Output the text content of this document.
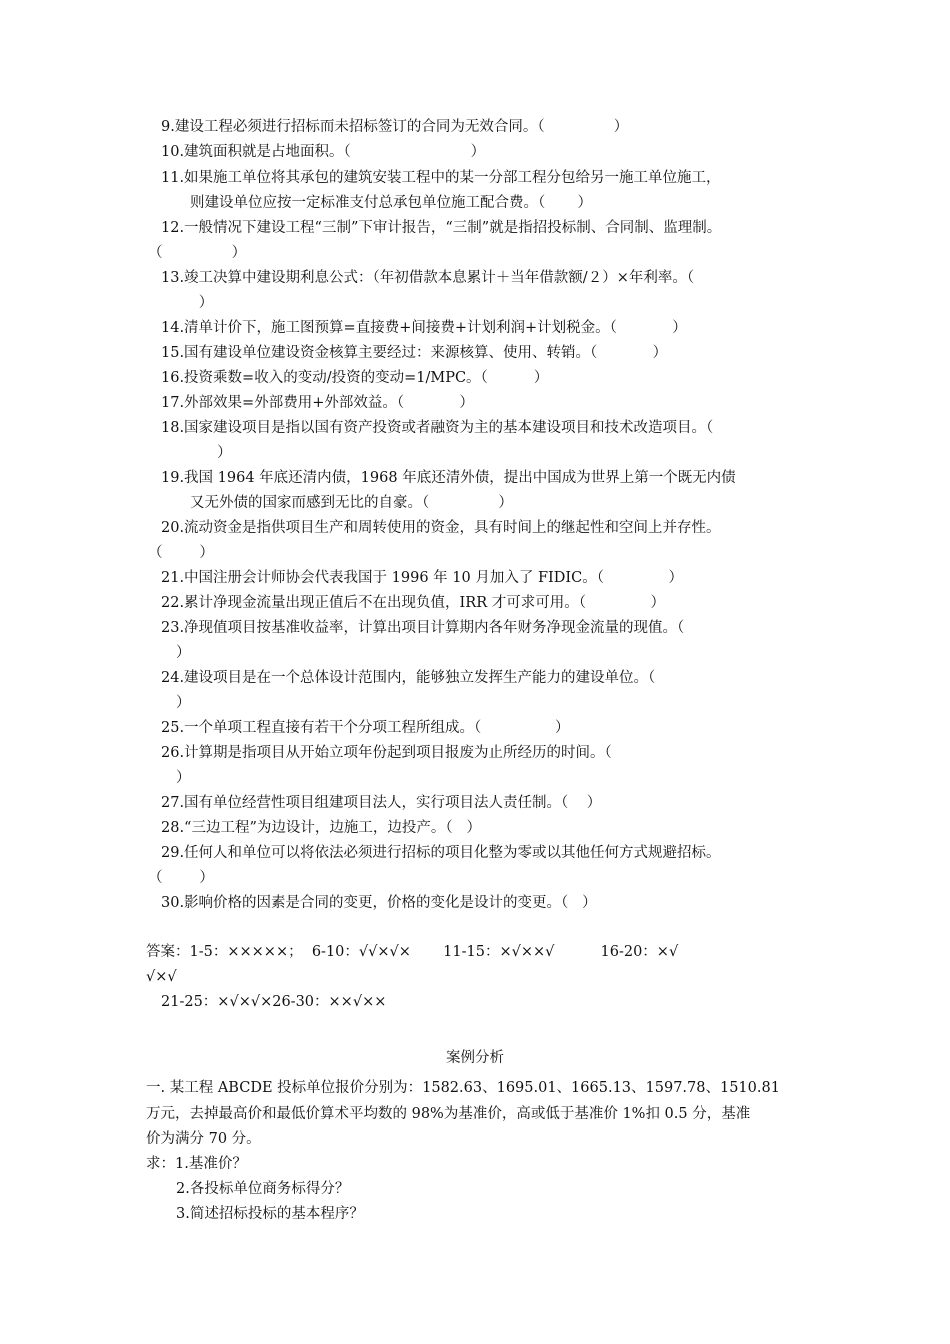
9.建设工程必须进行招标而未招标签订的合同为无效合同。（               ）
10.建筑面积就是占地面积。（                          ）
11.如果施工单位将其承包的建筑安装工程中的某一分部工程分包给另一施工单位施工，
则建设单位应按一定标准支付总承包单位施工配合费。（       ）
12.一般情况下建设工程“三制”下审计报告，“三制”就是指招投标制、合同制、监理制。
（               ）
13.竣工决算中建设期利息公式：（年初借款本息累计＋当年借款额/２）×年利率。（
）
14.清单计价下，施工图预算=直接费+间接费+计划利润+计划税金。（            ）
15.国有建设单位建设资金核算主要经过：来源核算、使用、转销。（            ）
16.投资乘数=收入的变动/投资的变动=1/MPC。（          ）
17.外部效果=外部费用+外部效益。（            ）
18.国家建设项目是指以国有资产投资或者融资为主的基本建设项目和技术改造项目。（
）
19.我国 1964 年底还清内债，1968 年底还清外债，提出中国成为世界上第一个既无内债
又无外债的国家而感到无比的自豪。（               ）
20.流动资金是指供项目生产和周转使用的资金，具有时间上的继起性和空间上并存性。
（        ）
21.中国注册会计师协会代表我国于 1996 年 10 月加入了 FIDIC。（              ）
22.累计净现金流量出现正值后不在出现负值，IRR 才可求可用。（              ）
23.净现值项目按基准收益率，计算出项目计算期内各年财务净现金流量的现值。（
）
24.建设项目是在一个总体设计范围内，能够独立发挥生产能力的建设单位。（
）
25.一个单项工程直接有若干个分项工程所组成。（                ）
26.计算期是指项目从开始立项年份起到项目报废为止所经历的时间。（
）
27.国有单位经营性项目组建项目法人，实行项目法人责任制。（    ）
28.“三边工程”为边设计，边施工，边投产。（   ）
29.任何人和单位可以将依法必须进行招标的项目化整为零或以其他任何方式规避招标。
（        ）
30.影响价格的因素是合同的变更，价格的变化是设计的变更。（   ）
答案：1-5：×××××；  6-10：√√×√×       11-15：×√××√          16-20：×√
√×√
21-25：×√×√×26-30：××√××
案例分析
一. 某工程 ABCDE 投标单位报价分别为：1582.63、1695.01、1665.13、1597.78、1510.81
万元，去掉最高价和最低价算术平均数的 98%为基准价，高或低于基准价 1%扣 0.5 分，基准
价为满分 70 分。
求：1.基准价？
2.各投标单位商务标得分？
3.简述招标投标的基本程序？
